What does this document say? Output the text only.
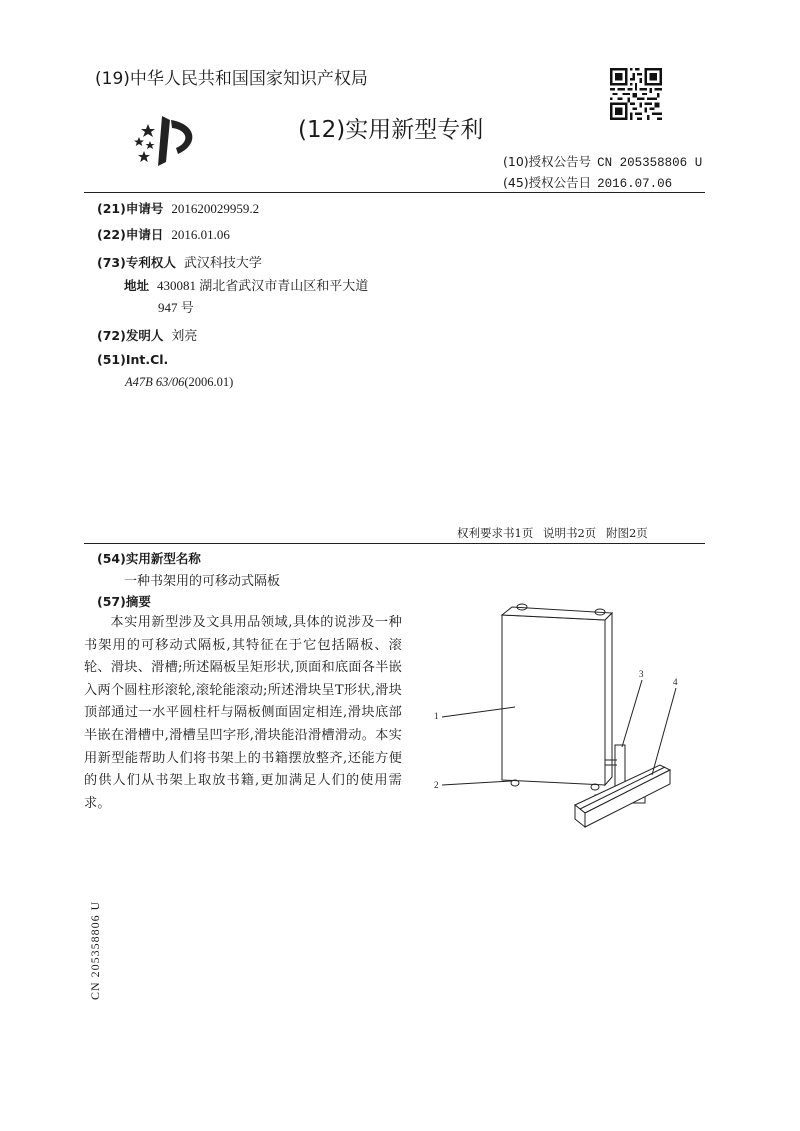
(19)中华人民共和国国家知识产权局
(12)实用新型专利
(10)授权公告号 CN 205358806 U
(45)授权公告日 2016.07.06
(21)申请号 201620029959.2
(22)申请日 2016.01.06
(73)专利权人 武汉科技大学
地址 430081 湖北省武汉市青山区和平大道
947 号
(72)发明人 刘亮
(51)Int.Cl.
A47B 63/06(2006.01)
权利要求书1页 说明书2页 附图2页
(54)实用新型名称
一种书架用的可移动式隔板
(57)摘要
本实用新型涉及文具用品领域,具体的说涉及一种书架用的可移动式隔板,其特征在于它包括隔板、滚轮、滑块、滑槽;所述隔板呈矩形状,顶面和底面各半嵌入两个圆柱形滚轮,滚轮能滚动;所述滑块呈T形状,滑块顶部通过一水平圆柱杆与隔板侧面固定相连,滑块底部半嵌在滑槽中,滑槽呈凹字形,滑块能沿滑槽滑动。本实用新型能帮助人们将书架上的书籍摆放整齐,还能方便的供人们从书架上取放书籍,更加满足人们的使用需求。
1
2
3
4
CN 205358806 U
